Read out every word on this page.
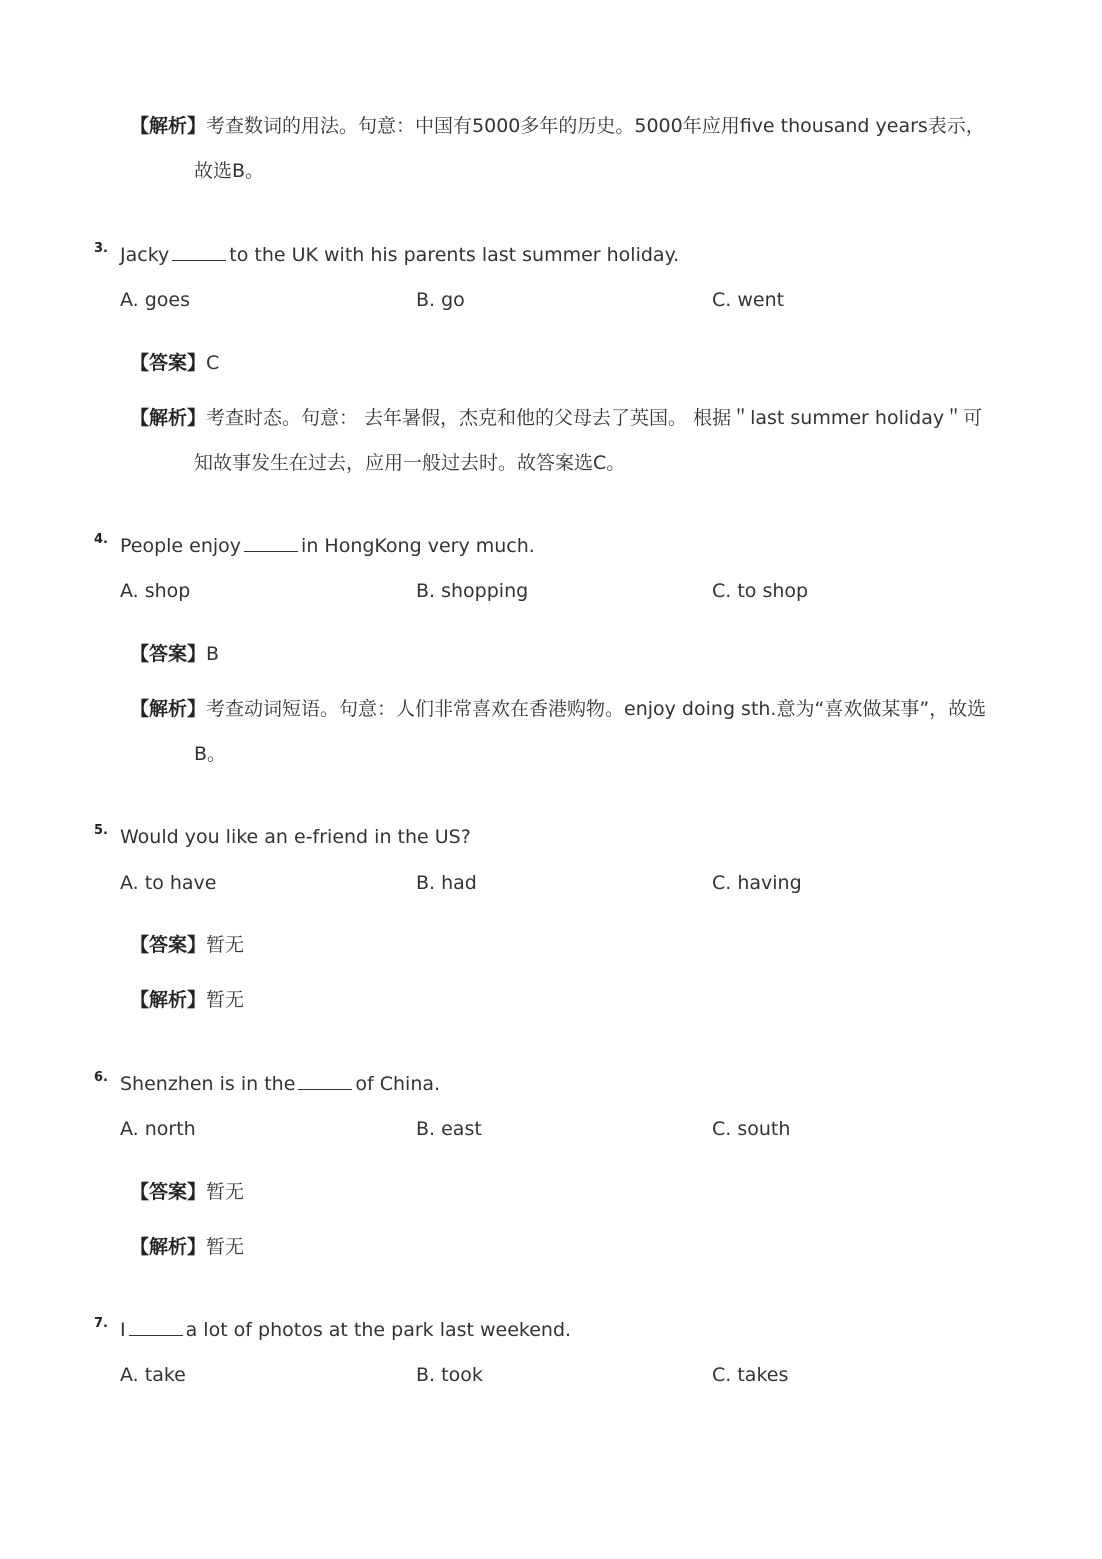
【解析】考查数词的用法。句意：中国有5000多年的历史。5000年应用five thousand years表示，
故选B。
3. Jacky	to the UK with his parents last summer holiday.
A. goes	B. go	C. went
【答案】C
【解析】考查时态。句意： 去年暑假，杰克和他的父母去了英国。 根据＂last summer holiday＂可
知故事发生在过去，应用一般过去时。故答案选C。
4. People enjoy	in HongKong very much.
A. shop	B. shopping	C. to shop
【答案】B
【解析】考查动词短语。句意：人们非常喜欢在香港购物。enjoy doing sth.意为“喜欢做某事”，故选
B。
5. Would you like an e-friend in the US?
A. to have	B. had	C. having
【答案】暂无
【解析】暂无
6. Shenzhen is in the	of China.
A. north	B. east	C. south
【答案】暂无
【解析】暂无
7. I	a lot of photos at the park last weekend.
A. take	B. took	C. takes
